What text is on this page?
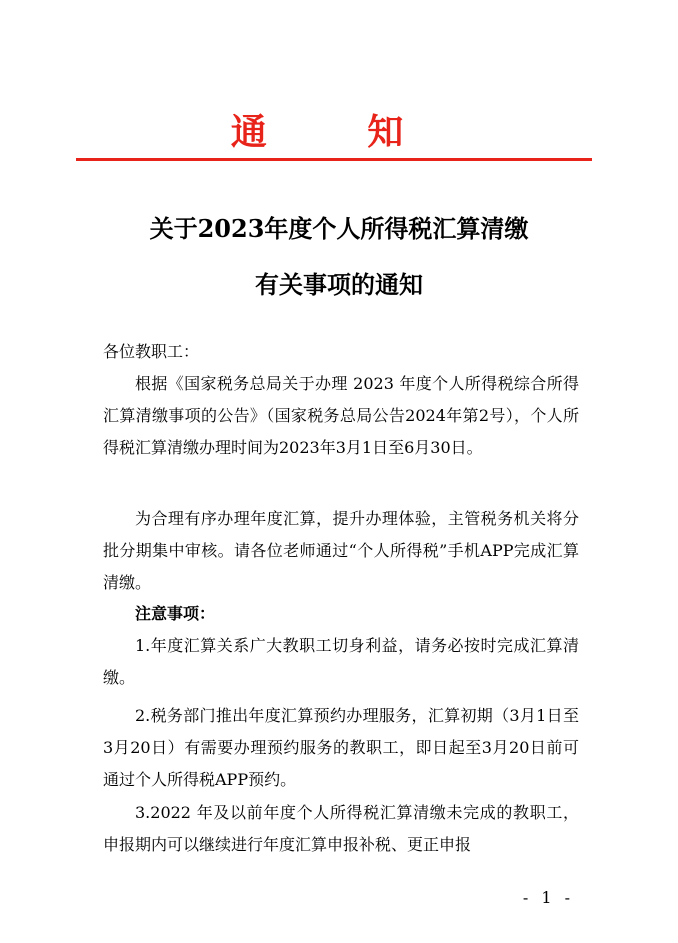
通 知
关于2023年度个人所得税汇算清缴
有关事项的通知
各位教职工：
根据《国家税务总局关于办理 2023 年度个人所得税综合所得汇算清缴事项的公告》（国家税务总局公告2024年第2号），个人所得税汇算清缴办理时间为2023年3月1日至6月30日。
为合理有序办理年度汇算，提升办理体验，主管税务机关将分批分期集中审核。请各位老师通过“个人所得税”手机APP完成汇算清缴。
注意事项：
1.年度汇算关系广大教职工切身利益，请务必按时完成汇算清缴。
2.税务部门推出年度汇算预约办理服务，汇算初期（3月1日至3月20日）有需要办理预约服务的教职工，即日起至3月20日前可通过个人所得税APP预约。
3.2022 年及以前年度个人所得税汇算清缴未完成的教职工，申报期内可以继续进行年度汇算申报补税、更正申报
- 1 -
